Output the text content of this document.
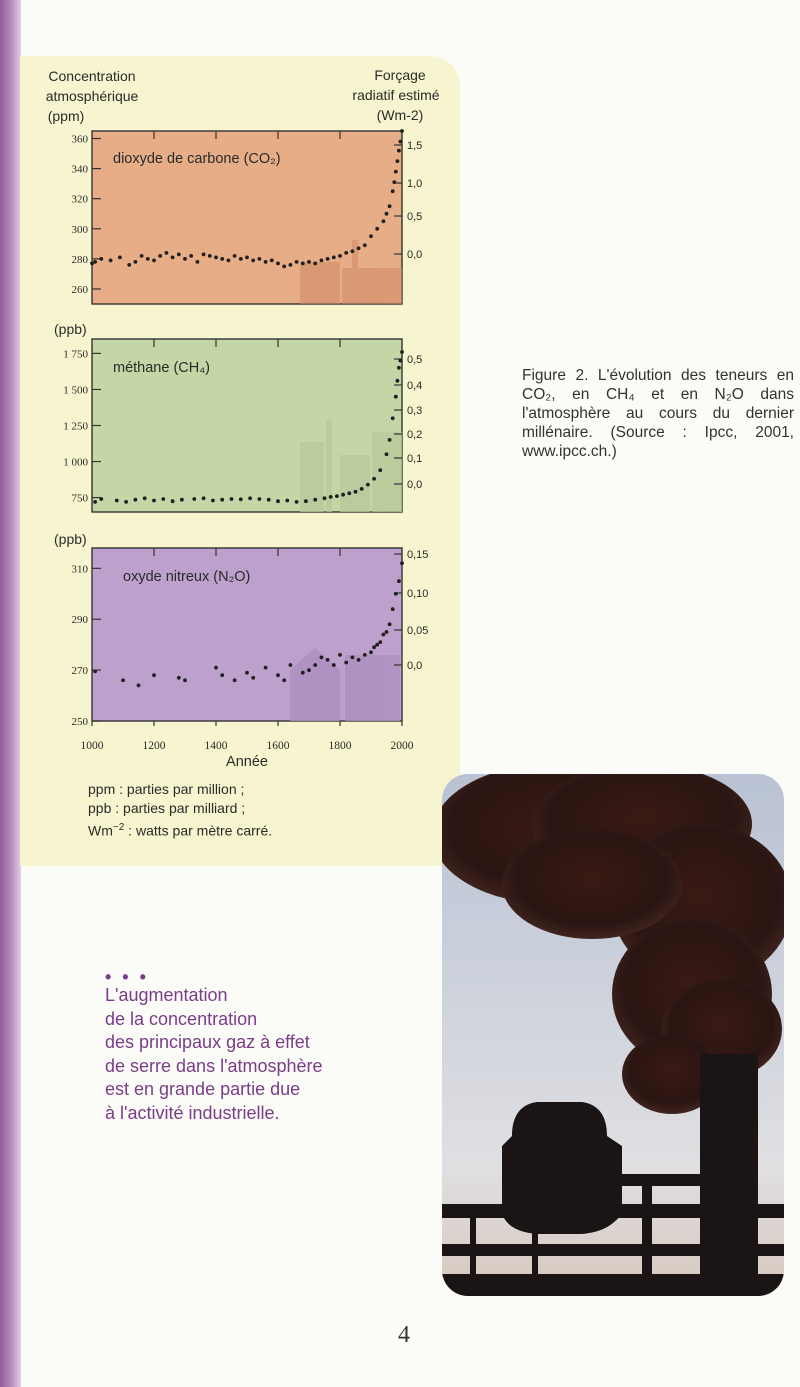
Concentration
atmosphérique
(ppm)
Forçage
radiatif estimé
(Wm-2)
dioxyde de carbone (CO₂)
360
340
320
300
280
260
1,5
1,0
0,5
0,0
(ppb)
méthane (CH₄)
1 750
1 500
1 250
1 000
750
0,5
0,4
0,3
0,2
0,1
0,0
(ppb)
oxyde nitreux (N₂O)
310
290
270
250
0,15
0,10
0,05
0,0
1000	1200	1400	1600	1800	2000
Année
ppm : parties par million ;
ppb : parties par milliard ;
$Wm^{-2}$ : watts par mètre carré.
Figure 2. L'évolution des teneurs en CO₂, en CH₄ et en N₂O dans l'atmosphère au cours du dernier millénaire. (Source : Ipcc, 2001, www.ipcc.ch.)
• • •
L'augmentation
de la concentration
des principaux gaz à effet
de serre dans l'atmosphère
est en grande partie due
à l'activité industrielle.
4
